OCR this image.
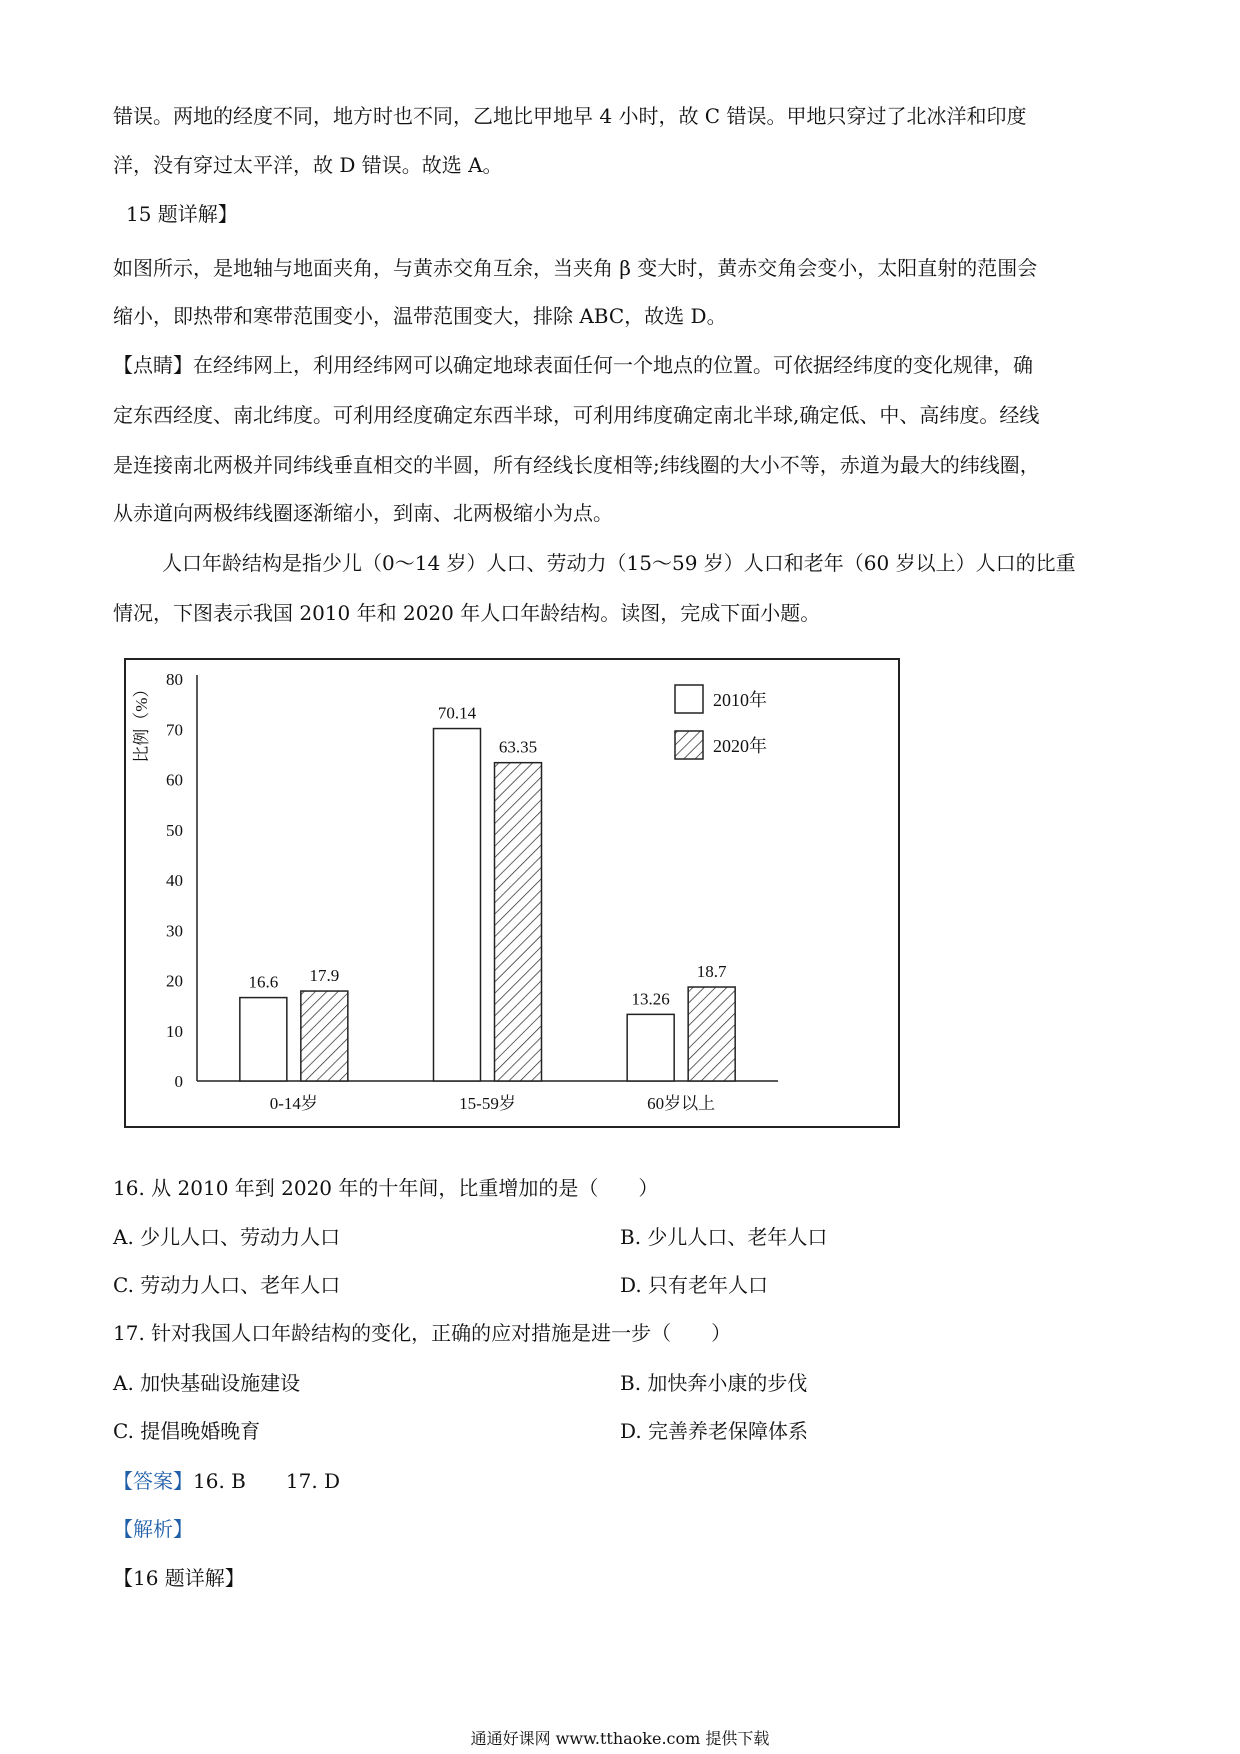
错误。两地的经度不同，地方时也不同，乙地比甲地早 4 小时，故 C 错误。甲地只穿过了北冰洋和印度
洋，没有穿过太平洋，故 D 错误。故选 A。
15 题详解】
如图所示，是地轴与地面夹角，与黄赤交角互余，当夹角 β 变大时，黄赤交角会变小，太阳直射的范围会
缩小，即热带和寒带范围变小，温带范围变大，排除 ABC，故选 D。
【点睛】在经纬网上，利用经纬网可以确定地球表面任何一个地点的位置。可依据经纬度的变化规律，确
定东西经度、南北纬度。可利用经度确定东西半球，可利用纬度确定南北半球,确定低、中、高纬度。经线
是连接南北两极并同纬线垂直相交的半圆，所有经线长度相等;纬线圈的大小不等，赤道为最大的纬线圈，
从赤道向两极纬线圈逐渐缩小，到南、北两极缩小为点。
人口年龄结构是指少儿（0～14 岁）人口、劳动力（15～59 岁）人口和老年（60 岁以上）人口的比重
情况，下图表示我国 2010 年和 2020 年人口年龄结构。读图，完成下面小题。
0
10
20
30
40
50
60
70
80
比例（%）
0-14岁
16.6 17.9
15-59岁
70.14
63.35
60岁以上
13.26
18.7
2010年
2020年
16. 从 2010 年到 2020 年的十年间，比重增加的是（　　）
A. 少儿人口、劳动力人口	B. 少儿人口、老年人口
C. 劳动力人口、老年人口	D. 只有老年人口
17. 针对我国人口年龄结构的变化，正确的应对措施是进一步（　　）
A. 加快基础设施建设	B. 加快奔小康的步伐
C. 提倡晚婚晚育	D. 完善养老保障体系
【答案】16. B 17. D
【解析】
【16 题详解】
通通好课网 www.tthaoke.com 提供下载
